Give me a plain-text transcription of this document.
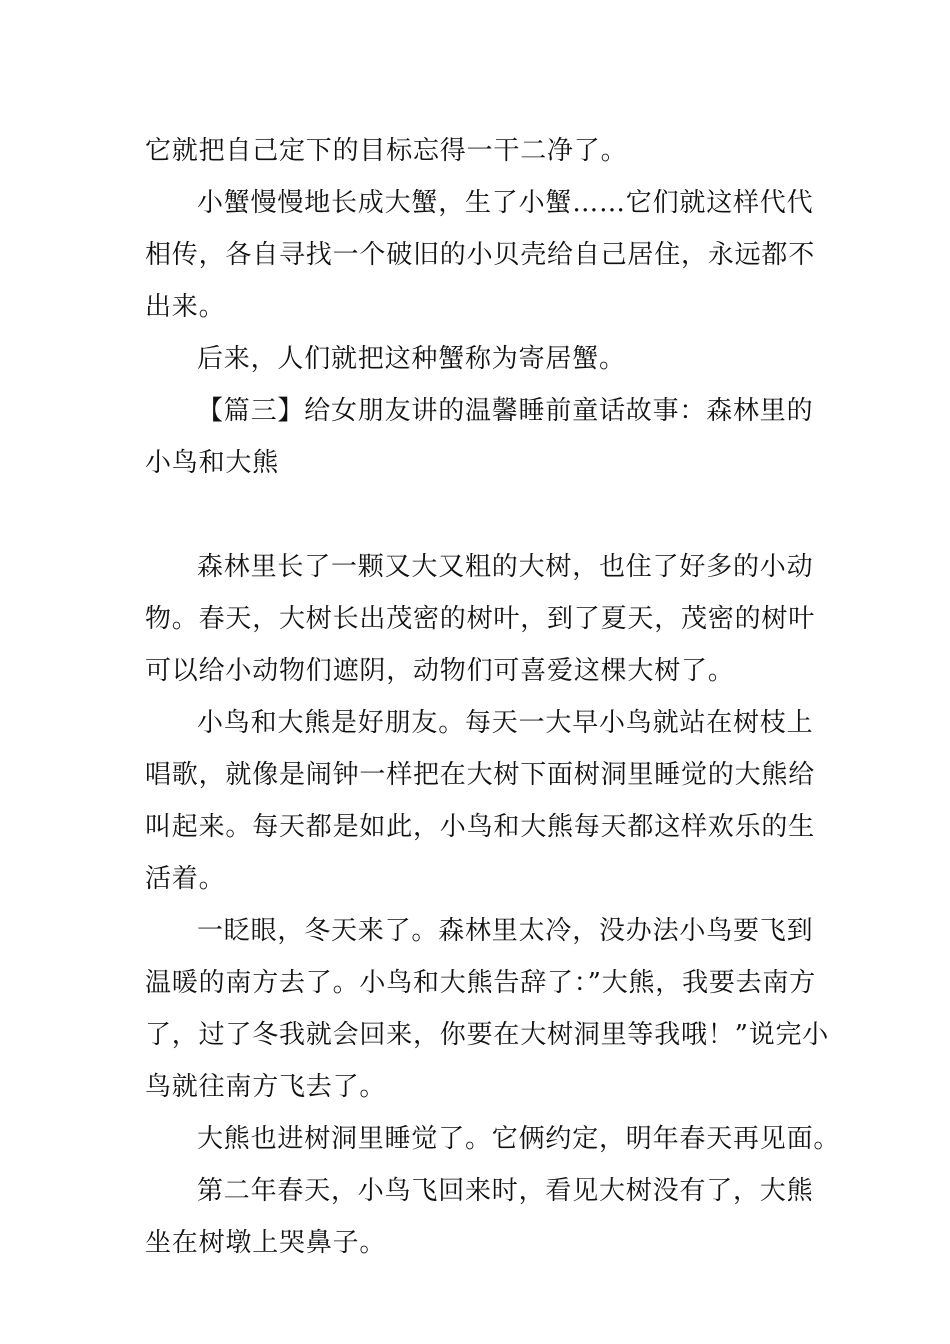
它就把自己定下的目标忘得一干二净了。
小蟹慢慢地长成大蟹，生了小蟹……它们就这样代代
相传，各自寻找一个破旧的小贝壳给自己居住，永远都不
出来。
后来，人们就把这种蟹称为寄居蟹。
【篇三】给女朋友讲的温馨睡前童话故事：森林里的
小鸟和大熊
森林里长了一颗又大又粗的大树，也住了好多的小动
物。春天，大树长出茂密的树叶，到了夏天，茂密的树叶
可以给小动物们遮阴，动物们可喜爱这棵大树了。
小鸟和大熊是好朋友。每天一大早小鸟就站在树枝上
唱歌，就像是闹钟一样把在大树下面树洞里睡觉的大熊给
叫起来。每天都是如此，小鸟和大熊每天都这样欢乐的生
活着。
一眨眼，冬天来了。森林里太冷，没办法小鸟要飞到
温暖的南方去了。小鸟和大熊告辞了：”大熊，我要去南方
了，过了冬我就会回来，你要在大树洞里等我哦！”说完小
鸟就往南方飞去了。
大熊也进树洞里睡觉了。它俩约定，明年春天再见面。
第二年春天，小鸟飞回来时，看见大树没有了，大熊
坐在树墩上哭鼻子。
